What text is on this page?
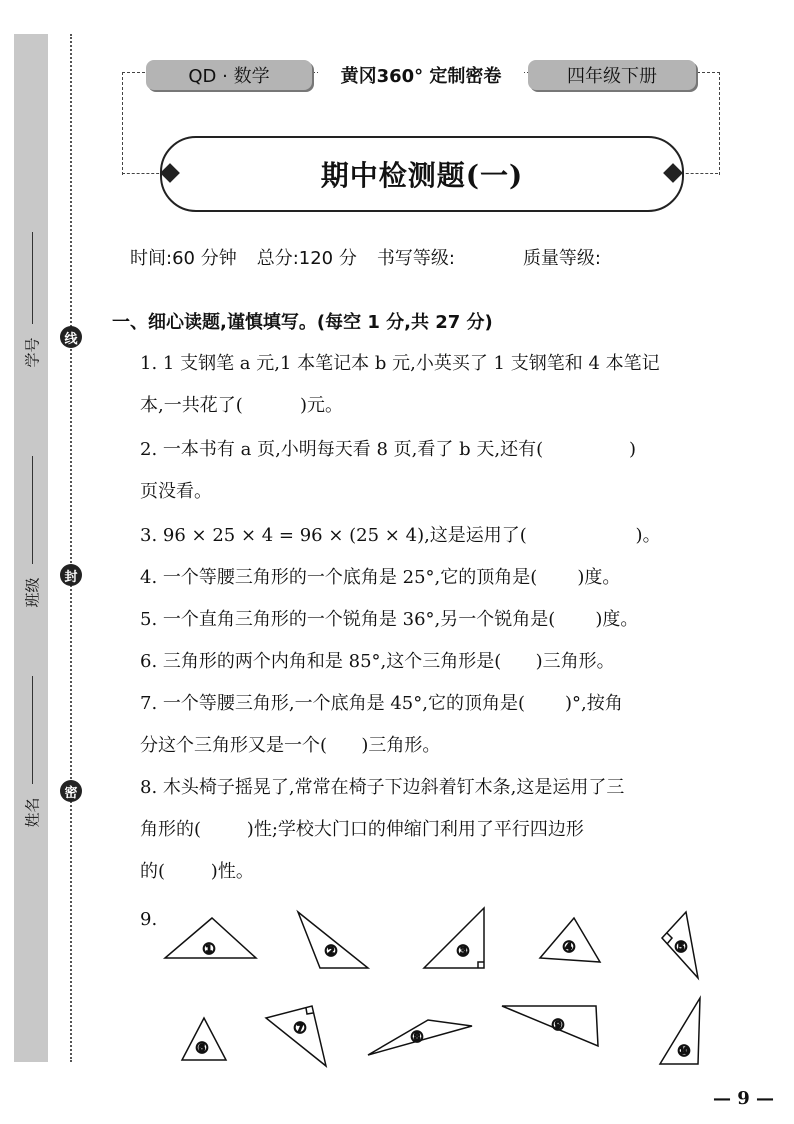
线
封
密
学号
班级
姓名
QD · 数学	黄冈360° 定制密卷	四年级下册
期中检测题(一)
时间:60 分钟 总分:120 分 书写等级:	质量等级:
一、细心读题,谨慎填写。(每空 1 分,共 27 分)
1. 1 支钢笔 a 元,1 本笔记本 b 元,小英买了 1 支钢笔和 4 本笔记
本,一共花了(          )元。
2. 一本书有 a 页,小明每天看 8 页,看了 b 天,还有(               )
页没看。
3. 96 × 25 × 4 = 96 × (25 × 4),这是运用了(                   )。
4. 一个等腰三角形的一个底角是 25°,它的顶角是(       )度。
5. 一个直角三角形的一个锐角是 36°,另一个锐角是(       )度。
6. 三角形的两个内角和是 85°,这个三角形是(      )三角形。
7. 一个等腰三角形,一个底角是 45°,它的顶角是(       )°,按角
分这个三角形又是一个(      )三角形。
8. 木头椅子摇晃了,常常在椅子下边斜着钉木条,这是运用了三
角形的(        )性;学校大门口的伸缩门利用了平行四边形
的(        )性。
9.
①	②	③	④	⑤
⑥
⑦	⑧
⑨
⑩
— 9 —
